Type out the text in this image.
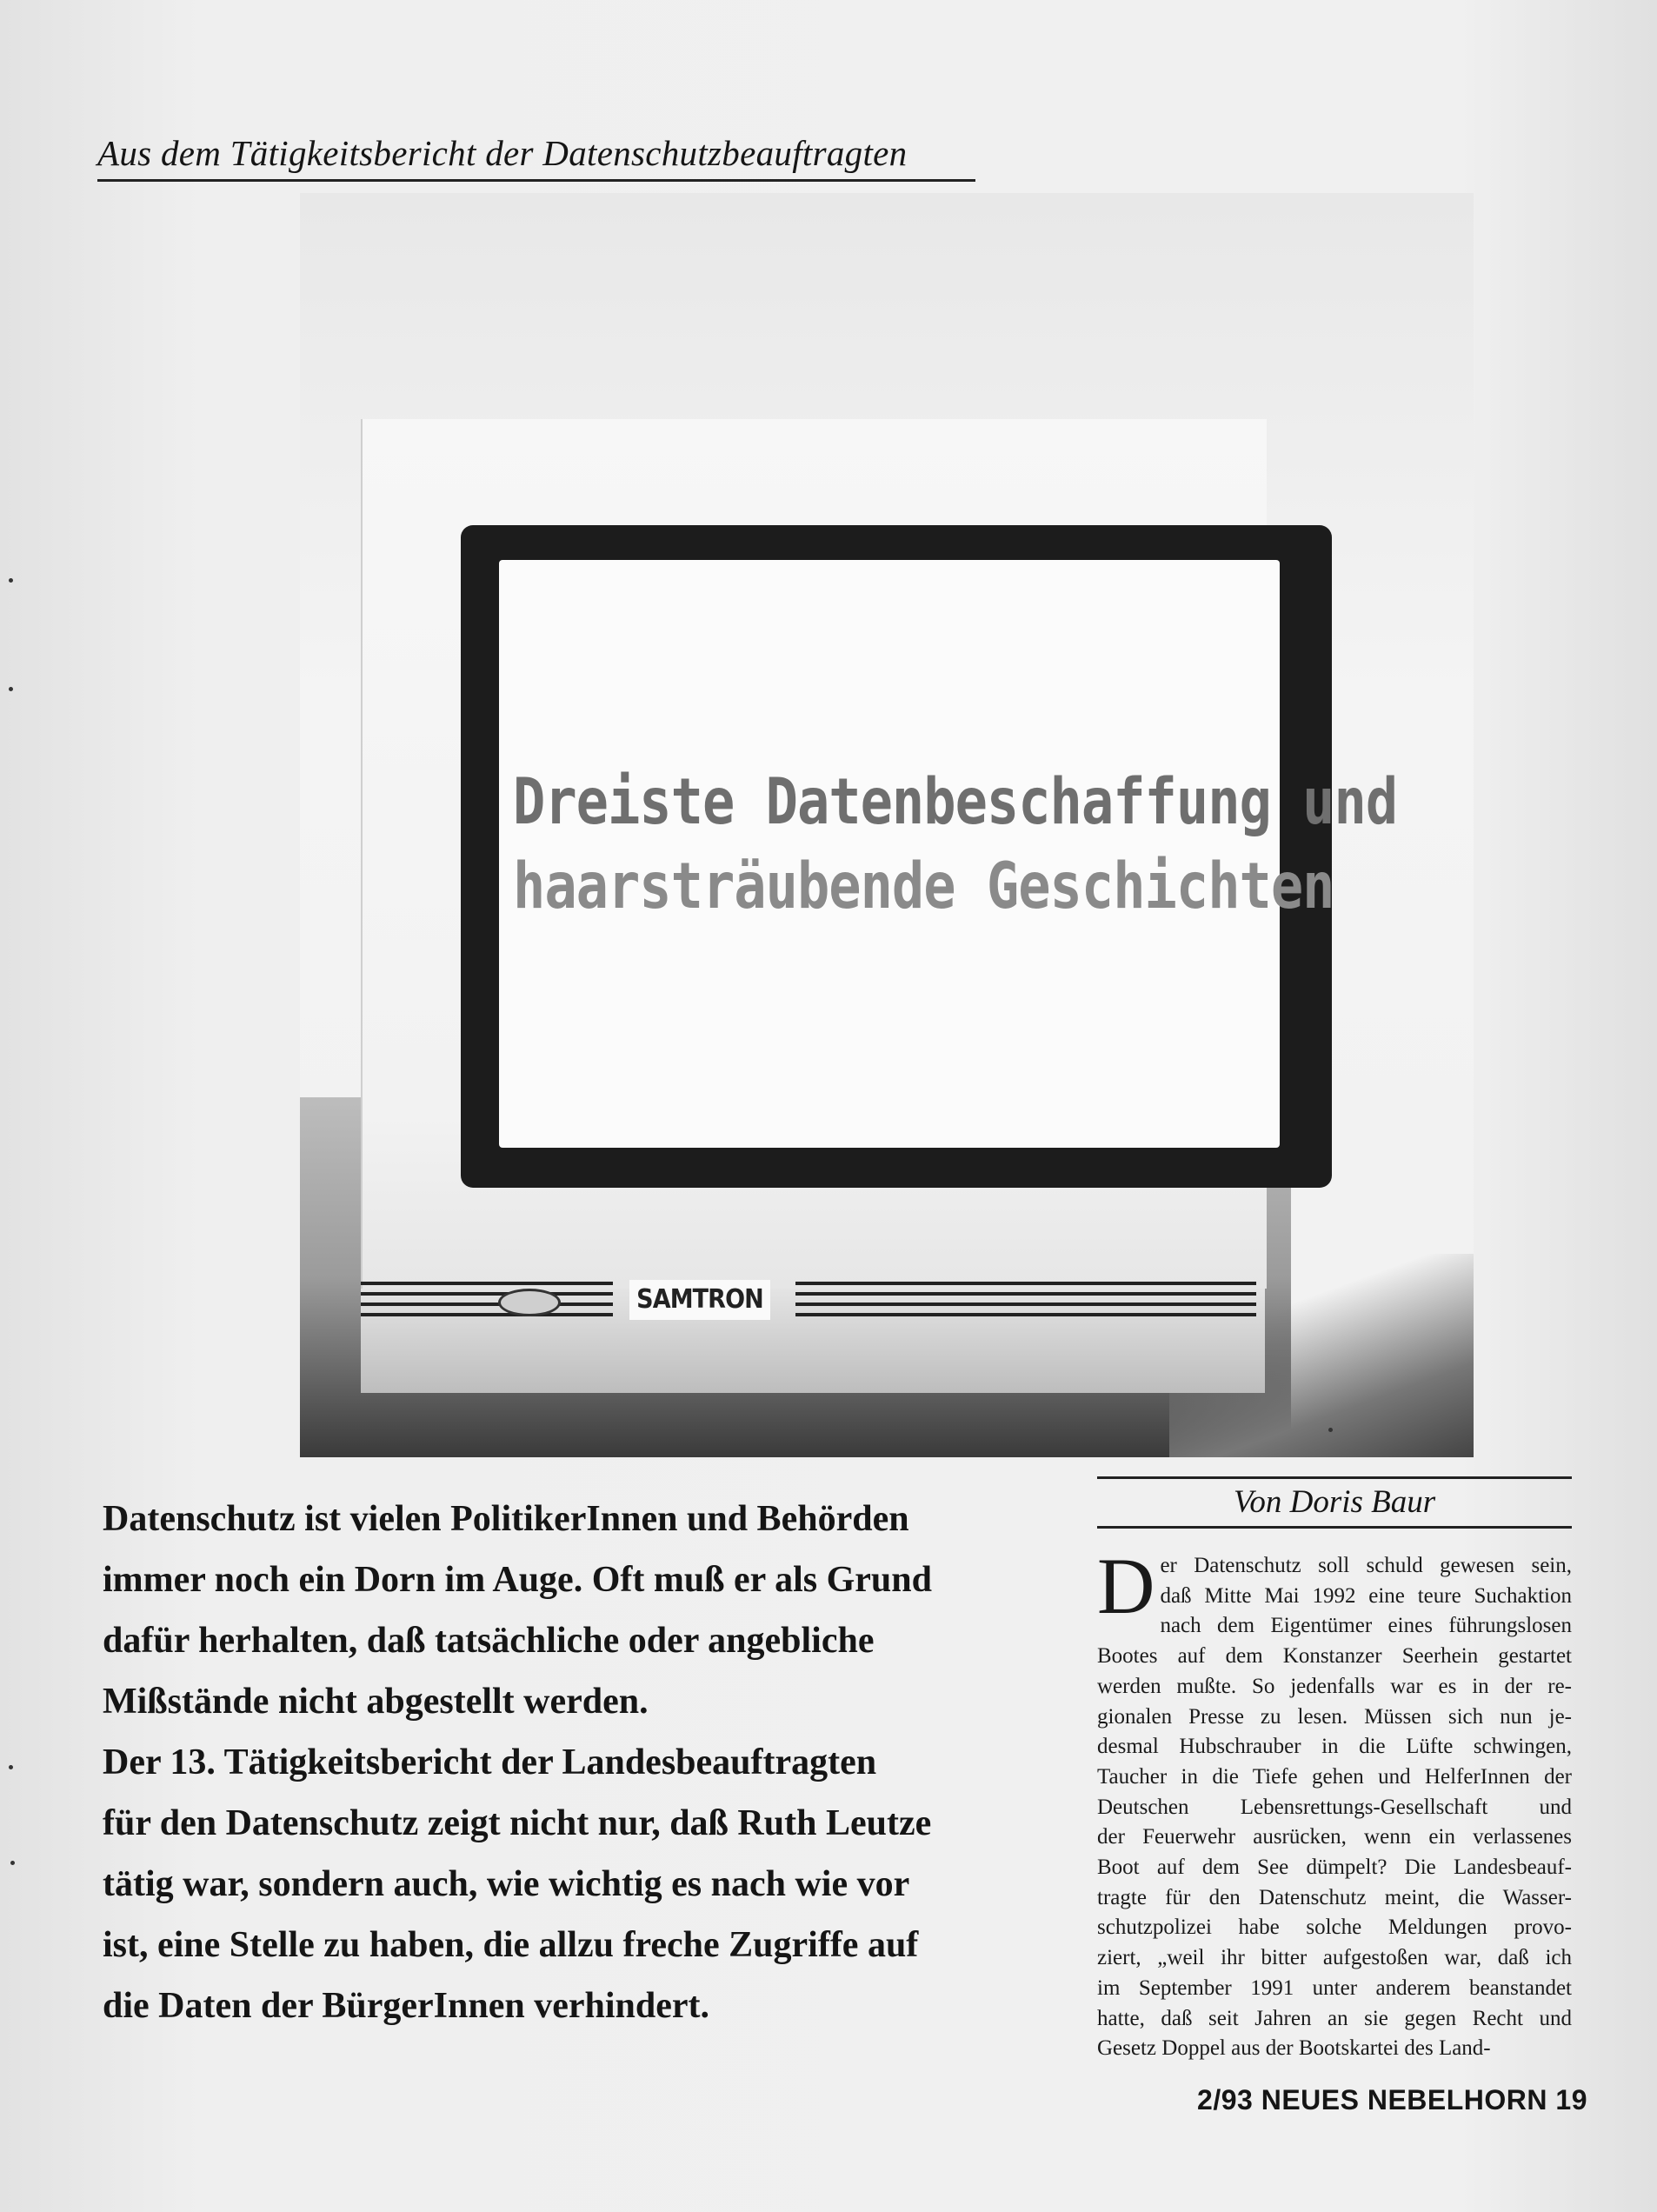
Aus dem Tätigkeitsbericht der Datenschutzbeauftragten
Dreiste Datenbeschaffung und
haarsträubende Geschichten
SAMTRON
Datenschutz ist vielen PolitikerInnen und Behörden
immer noch ein Dorn im Auge. Oft muß er als Grund
dafür herhalten, daß tatsächliche oder angebliche
Mißstände nicht abgestellt werden.
Der 13. Tätigkeitsbericht der Landesbeauftragten
für den Datenschutz zeigt nicht nur, daß Ruth Leutze
tätig war, sondern auch, wie wichtig es nach wie vor
ist, eine Stelle zu haben, die allzu freche Zugriffe auf
die Daten der BürgerInnen verhindert.
Von Doris Baur
D er Datenschutz soll schuld gewesen sein,
daß Mitte Mai 1992 eine teure Suchaktion
nach dem Eigentümer eines führungslosen
Bootes auf dem Konstanzer Seerhein gestartet
werden mußte. So jedenfalls war es in der re-
gionalen Presse zu lesen. Müssen sich nun je-
desmal Hubschrauber in die Lüfte schwingen,
Taucher in die Tiefe gehen und HelferInnen der
Deutschen Lebensrettungs-Gesellschaft und
der Feuerwehr ausrücken, wenn ein verlassenes
Boot auf dem See dümpelt? Die Landesbeauf-
tragte für den Datenschutz meint, die Wasser-
schutzpolizei habe solche Meldungen provo-
ziert, „weil ihr bitter aufgestoßen war, daß ich
im September 1991 unter anderem beanstandet
hatte, daß seit Jahren an sie gegen Recht und
Gesetz Doppel aus der Bootskartei des Land-
2/93 NEUES NEBELHORN 19
